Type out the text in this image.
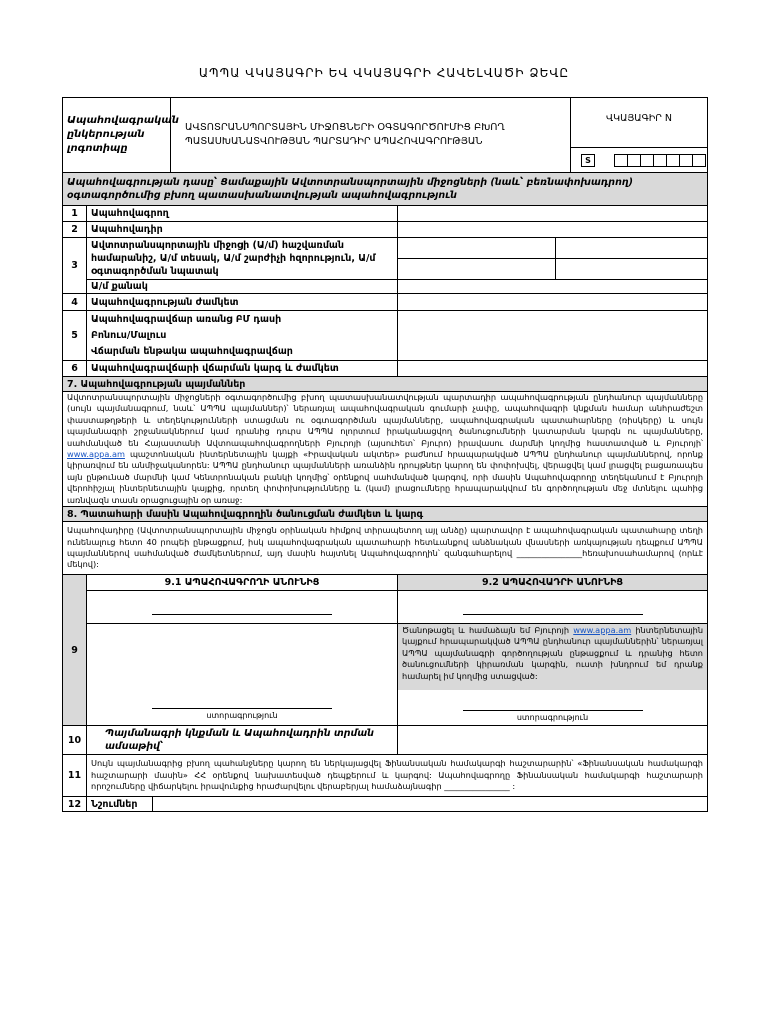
ԱՊՊԱ ՎԿԱՅԱԳՐԻ ԵՎ ՎԿԱՅԱԳՐԻ ՀԱՎԵԼՎԱԾԻ ՁԵՎԸ
Ապահովագրական ընկերության լոգոտիպը	ԱՎՏՈՏՐԱՆՍՊՈՐՏԱՅԻՆ ՄԻՋՈՑՆԵՐԻ ՕԳՏԱԳՈՐԾՈՒՄԻՑ ԲԽՈՂ ՊԱՏԱՍԽԱՆԱՏՎՈՒԹՅԱՆ ՊԱՐՏԱԴԻՐ ԱՊԱՀՈՎԱԳՐՈՒԹՅԱՆ	
ՎԿԱՅԱԳԻՐ N
S
Ապահովագրության դասը՝ Ցամաքային Ավտոտրանսպորտային միջոցների (նաև՝ բեռնափոխադրող) օգտագործումից բխող պատասխանատվության ապահովագրություն			
1	Ապահովագրող		
2	Ապահովադիր		
3	Ավտոտրանսպորտային միջոցի (Ա/մ) հաշվառման համարանիշ, Ա/մ տեսակ, Ա/մ շարժիչի հզորություն, Ա/մ օգտագործման նպատակ		

	Ա/մ քանակ		
4	Ապահովագրության ժամկետ		
5	Ապահովագրավճար առանց ԲՄ դասի
Բոնուս/Մալուս
Վճարման ենթակա ապահովագրավճար		

6	Ապահովագրավճարի վճարման կարգ և ժամկետ		
7. Ապահովագրության պայմաններ			
Ավտոտրանսպորտային միջոցների օգտագործումից բխող պատասխանատվության պարտադիր ապահովագրության ընդհանուր պայմանները (սույն պայմանագրում, նաև՝ ԱՊՊԱ պայմաններ)՝ ներառյալ ապահովագրական գումարի չափը, ապահովագրի կնքման համար անհրաժեշտ փաստաթղթերի և տեղեկությունների ստացման ու օգտագործման պայմանները, ապահովագրական պատահարները (ռիսկերը) և սույն պայմանագրի շրջանակներում կամ դրանից դուրս ԱՊՊԱ ոլորտում իրականացվող ծանուցումների կատարման կարգն ու պայմանները, սահմանված են Հայաստանի Ավտոապահովագրողների Բյուրոյի (այսուհետ՝ Բյուրո) իրավասու մարմնի կողմից հաստատված և Բյուրոյի՝ www.appa.am պաշտոնական ինտերնետային կայքի «Իրավական ակտեր» բաժնում հրապարակված ԱՊՊԱ ընդհանուր պայմաններով, որոնք կիրառվում են անմիջականորեն: ԱՊՊԱ ընդհանուր պայմանների առանձին դրույթներ կարող են փոփոխվել, վերացվել կամ լրացվել բացառապես այն ընթունած մարմնի կամ Կենտրոնական բանկի կողմից՝ օրենքով սահմանված կարգով, որի մասին Ապահովագրողը տեղեկանում է Բյուրոյի վերոհիշյալ ինտերնետային կայքից, որտեղ փոփոխությունները և (կամ) լրացումները հրապարակվում են գործողության մեջ մտնելու պահից առնվազն տասն օրացուցային օր առաջ:			
8. Պատահարի մասին Ապահովագրողին ծանուցման ժամկետ և կարգ			
Ապահովադիրը (Ավտոտրանսպորտային միջոցն օրինական հիմքով տիրապետող այլ անձը) պարտավոր է ապահովագրական պատահարը տեղի ունենալուց հետո 40 րոպեի ընթացքում, իսկ ապահովագրական պատահարի հետևանքով անձնական վնասների առկայության դեպքում ԱՊՊԱ պայմաններով սահմանված ժամկետներում, այդ մասին հայտնել Ապահովագրողին՝ զանգահարելով ________________հեռախոսահամարով (որևէ մեկով):			
9	9.1 ԱՊԱՀՈՎԱԳՐՈՂԻ ԱՆՈՒՆԻՑ	9.2 ԱՊԱՀՈՎԱԴՐԻ ԱՆՈՒՆԻՑ

	ստորագրություն	Ծանոթացել և համաձայն եմ Բյուրոյի www.appa.am ինտերնետային կայքում հրապարակված ԱՊՊԱ ընդհանուր պայմաններին՝ ներառյալ ԱՊՊԱ պայմանագրի գործողության ընթացքում և դրանից հետո ծանուցումների կիրառման կարգին, ուստի խնդրում եմ դրանք համարել իմ կողմից ստացված:
ստորագրություն

10	Պայմանագրի կնքման և Ապահովադրին տրման ամսաթիվ՝	
11	Սույն պայմանագրից բխող պահանջները կարող են ներկայացվել Ֆինանսական համակարգի հաշտարարին՝ «Ֆինանսական համակարգի հաշտարարի մասին» ՀՀ օրենքով նախատեսված դեպքերում և կարգով: Ապահովագրողը Ֆինանսական համակարգի հաշտարարի որոշումները վիճարկելու իրավունքից հրաժարվելու վերաբերյալ համաձայնագիր ________________ :	
12	Նշումներ	
